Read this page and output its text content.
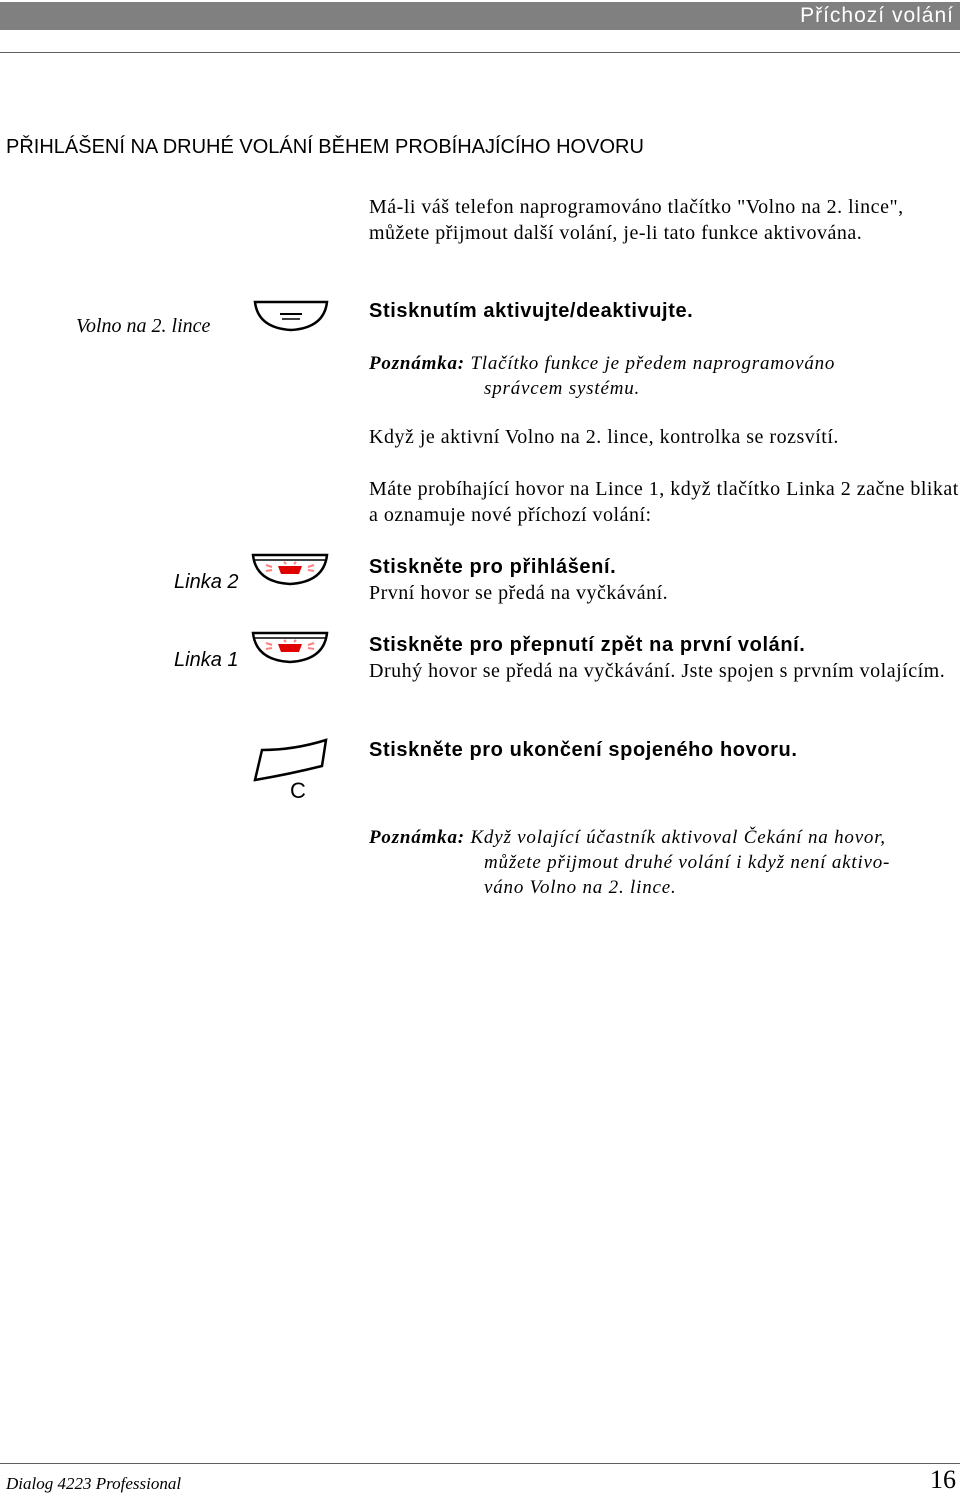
Příchozí volání
PŘIHLÁŠENÍ NA DRUHÉ VOLÁNÍ BĚHEM PROBÍHAJÍCÍHO HOVORU
Má-li váš telefon naprogramováno tlačítko "Volno na 2. lince", můžete přijmout další volání, je-li tato funkce aktivována.
Volno na 2. lince
Stisknutím aktivujte/deaktivujte.
Poznámka: Tlačítko funkce je předem naprogramováno
správcem systému.
Když je aktivní Volno na 2. lince, kontrolka se rozsvítí.
Máte probíhající hovor na Lince 1, když tlačítko Linka 2 začne blikat a oznamuje nové příchozí volání:
Linka 2
Stiskněte pro přihlášení.
První hovor se předá na vyčkávání.
Linka 1
Stiskněte pro přepnutí zpět na první volání.
Druhý hovor se předá na vyčkávání. Jste spojen s prvním volajícím.
C
Stiskněte pro ukončení spojeného hovoru.
Poznámka: Když volající účastník aktivoval Čekání na hovor,
můžete přijmout druhé volání i když není aktivo-
váno Volno na 2. lince.
Dialog 4223 Professional	16
